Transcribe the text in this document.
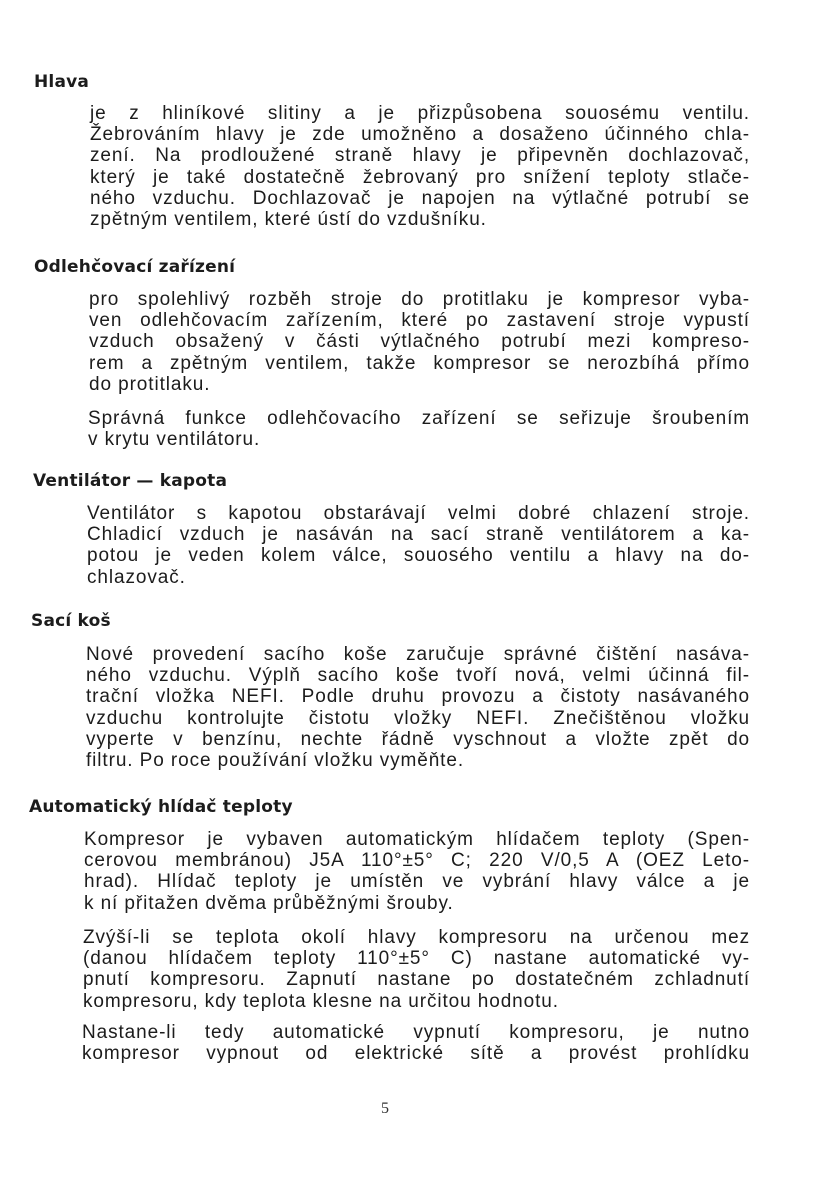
Hlava
je z hliníkové slitiny a je přizpůsobena souosému ventilu.
Žebrováním hlavy je zde umožněno a dosaženo účinného chla-
zení. Na prodloužené straně hlavy je připevněn dochlazovač,
který je také dostatečně žebrovaný pro snížení teploty stlače-
ného vzduchu. Dochlazovač je napojen na výtlačné potrubí se
zpětným ventilem, které ústí do vzdušníku.
Odlehčovací zařízení
pro spolehlivý rozběh stroje do protitlaku je kompresor vyba-
ven odlehčovacím zařízením, které po zastavení stroje vypustí
vzduch obsažený v části výtlačného potrubí mezi kompreso-
rem a zpětným ventilem, takže kompresor se nerozbíhá přímo
do protitlaku.
Správná funkce odlehčovacího zařízení se seřizuje šroubením
v krytu ventilátoru.
Ventilátor — kapota
Ventilátor s kapotou obstarávají velmi dobré chlazení stroje.
Chladicí vzduch je nasáván na sací straně ventilátorem a ka-
potou je veden kolem válce, souosého ventilu a hlavy na do-
chlazovač.
Sací koš
Nové provedení sacího koše zaručuje správné čištění nasáva-
ného vzduchu. Výplň sacího koše tvoří nová, velmi účinná fil-
trační vložka NEFI. Podle druhu provozu a čistoty nasávaného
vzduchu kontrolujte čistotu vložky NEFI. Znečištěnou vložku
vyperte v benzínu, nechte řádně vyschnout a vložte zpět do
filtru. Po roce používání vložku vyměňte.
Automatický hlídač teploty
Kompresor je vybaven automatickým hlídačem teploty (Spen-
cerovou membránou) J5A 110°±5° C; 220 V/0,5 A (OEZ Leto-
hrad). Hlídač teploty je umístěn ve vybrání hlavy válce a je
k ní přitažen dvěma průběžnými šrouby.
Zvýší-li se teplota okolí hlavy kompresoru na určenou mez
(danou hlídačem teploty 110°±5° C) nastane automatické vy-
pnutí kompresoru. Zapnutí nastane po dostatečném zchladnutí
kompresoru, kdy teplota klesne na určitou hodnotu.
Nastane-li tedy automatické vypnutí kompresoru, je nutno
kompresor vypnout od elektrické sítě a provést prohlídku
5
